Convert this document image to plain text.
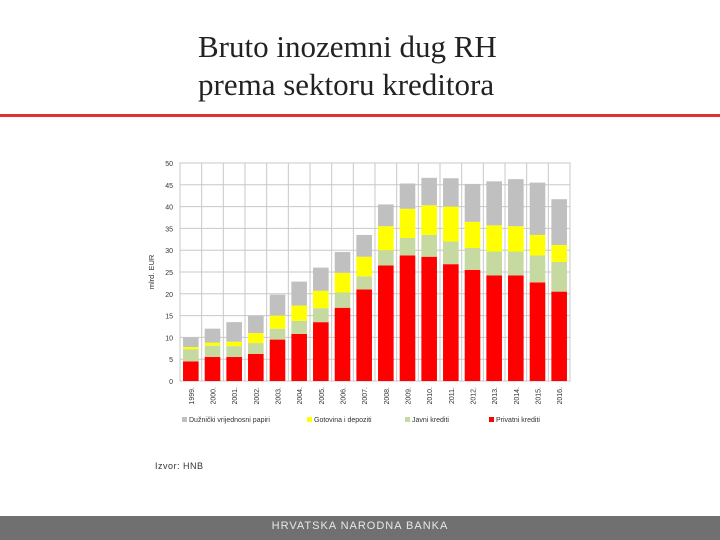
Bruto inozemni dug RH
prema sektoru kreditora
0
5
10
15
20
25
30
35
40
45
50
1999. 2000. 2001. 2002. 2003. 2004. 2005. 2006. 2007. 2008. 2009. 2010. 2011. 2012. 2013. 2014. 2015. 2016.
mlrd. EUR
Dužnički vrijednosni papiri	Gotovina i depoziti	Javni krediti	Privatni krediti
Izvor: HNB
HRVATSKA NARODNA BANKA
